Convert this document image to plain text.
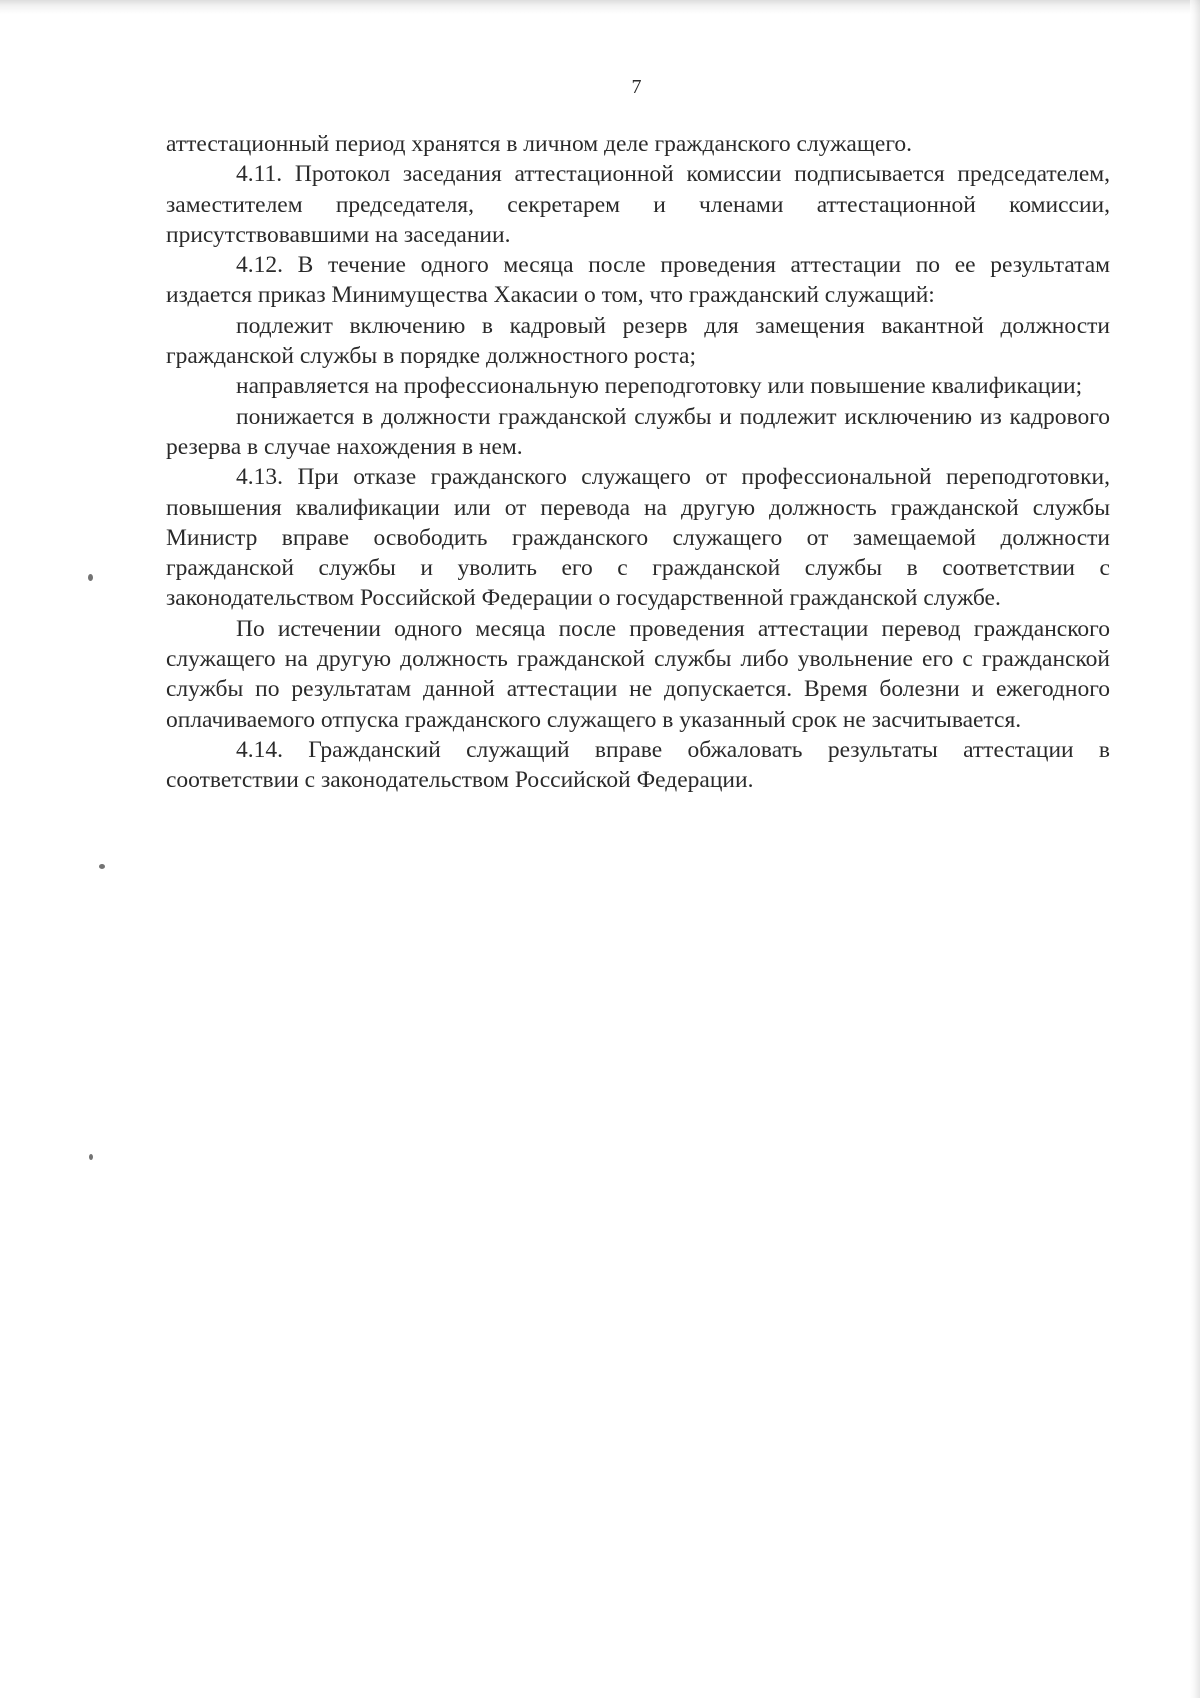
7

аттестационный период хранятся в личном деле гражданского служащего.

4.11. Протокол заседания аттестационной комиссии подписывается председателем, заместителем председателя, секретарем и членами аттестационной комиссии, присутствовавшими на заседании.

4.12. В течение одного месяца после проведения аттестации по ее результатам издается приказ Минимущества Хакасии о том, что гражданский служащий:

подлежит включению в кадровый резерв для замещения вакантной должности гражданской службы в порядке должностного роста;

направляется на профессиональную переподготовку или повышение квалификации;

понижается в должности гражданской службы и подлежит исключению из кадрового резерва в случае нахождения в нем.

4.13. При отказе гражданского служащего от профессиональной переподготовки, повышения квалификации или от перевода на другую должность гражданской службы Министр вправе освободить гражданского служащего от замещаемой должности гражданской службы и уволить его с гражданской службы в соответствии с законодательством Российской Федерации о государственной гражданской службе.

По истечении одного месяца после проведения аттестации перевод гражданского служащего на другую должность гражданской службы либо увольнение его с гражданской службы по результатам данной аттестации не допускается. Время болезни и ежегодного оплачиваемого отпуска гражданского служащего в указанный срок не засчитывается.

4.14. Гражданский служащий вправе обжаловать результаты аттестации в соответствии с законодательством Российской Федерации.
